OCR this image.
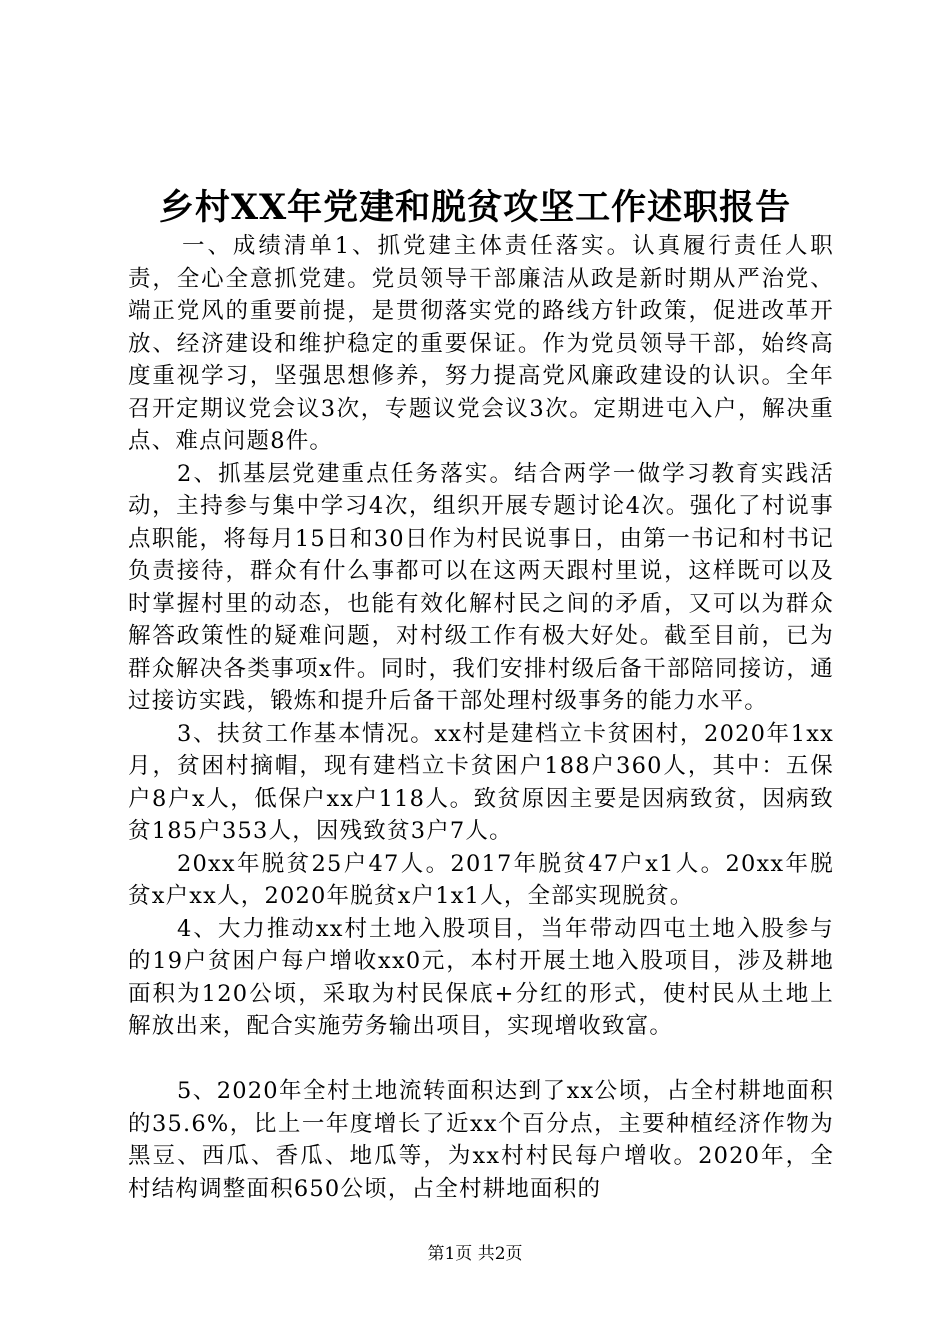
乡村XX年党建和脱贫攻坚工作述职报告

一、成绩清单1、抓党建主体责任落实。认真履行责任人职责，全心全意抓党建。党员领导干部廉洁从政是新时期从严治党、端正党风的重要前提，是贯彻落实党的路线方针政策，促进改革开放、经济建设和维护稳定的重要保证。作为党员领导干部，始终高度重视学习，坚强思想修养，努力提高党风廉政建设的认识。全年召开定期议党会议3次，专题议党会议3次。定期进屯入户，解决重点、难点问题8件。

2、抓基层党建重点任务落实。结合两学一做学习教育实践活动，主持参与集中学习4次，组织开展专题讨论4次。强化了村说事点职能，将每月15日和30日作为村民说事日，由第一书记和村书记负责接待，群众有什么事都可以在这两天跟村里说，这样既可以及时掌握村里的动态，也能有效化解村民之间的矛盾，又可以为群众解答政策性的疑难问题，对村级工作有极大好处。截至目前，已为群众解决各类事项x件。同时，我们安排村级后备干部陪同接访，通过接访实践，锻炼和提升后备干部处理村级事务的能力水平。

3、扶贫工作基本情况。xx村是建档立卡贫困村，2020年1xx月，贫困村摘帽，现有建档立卡贫困户188户360人，其中：五保户8户x人，低保户xx户118人。致贫原因主要是因病致贫，因病致贫185户353人，因残致贫3户7人。

20xx年脱贫25户47人。2017年脱贫47户x1人。20xx年脱贫x户xx人，2020年脱贫x户1x1人，全部实现脱贫。

4、大力推动xx村土地入股项目，当年带动四屯土地入股参与的19户贫困户每户增收xx0元，本村开展土地入股项目，涉及耕地面积为120公顷，采取为村民保底+分红的形式，使村民从土地上解放出来，配合实施劳务输出项目，实现增收致富。

5、2020年全村土地流转面积达到了xx公顷，占全村耕地面积的35.6%，比上一年度增长了近xx个百分点，主要种植经济作物为黑豆、西瓜、香瓜、地瓜等，为xx村村民每户增收。2020年，全村结构调整面积650公顷，占全村耕地面积的

第1页 共2页
